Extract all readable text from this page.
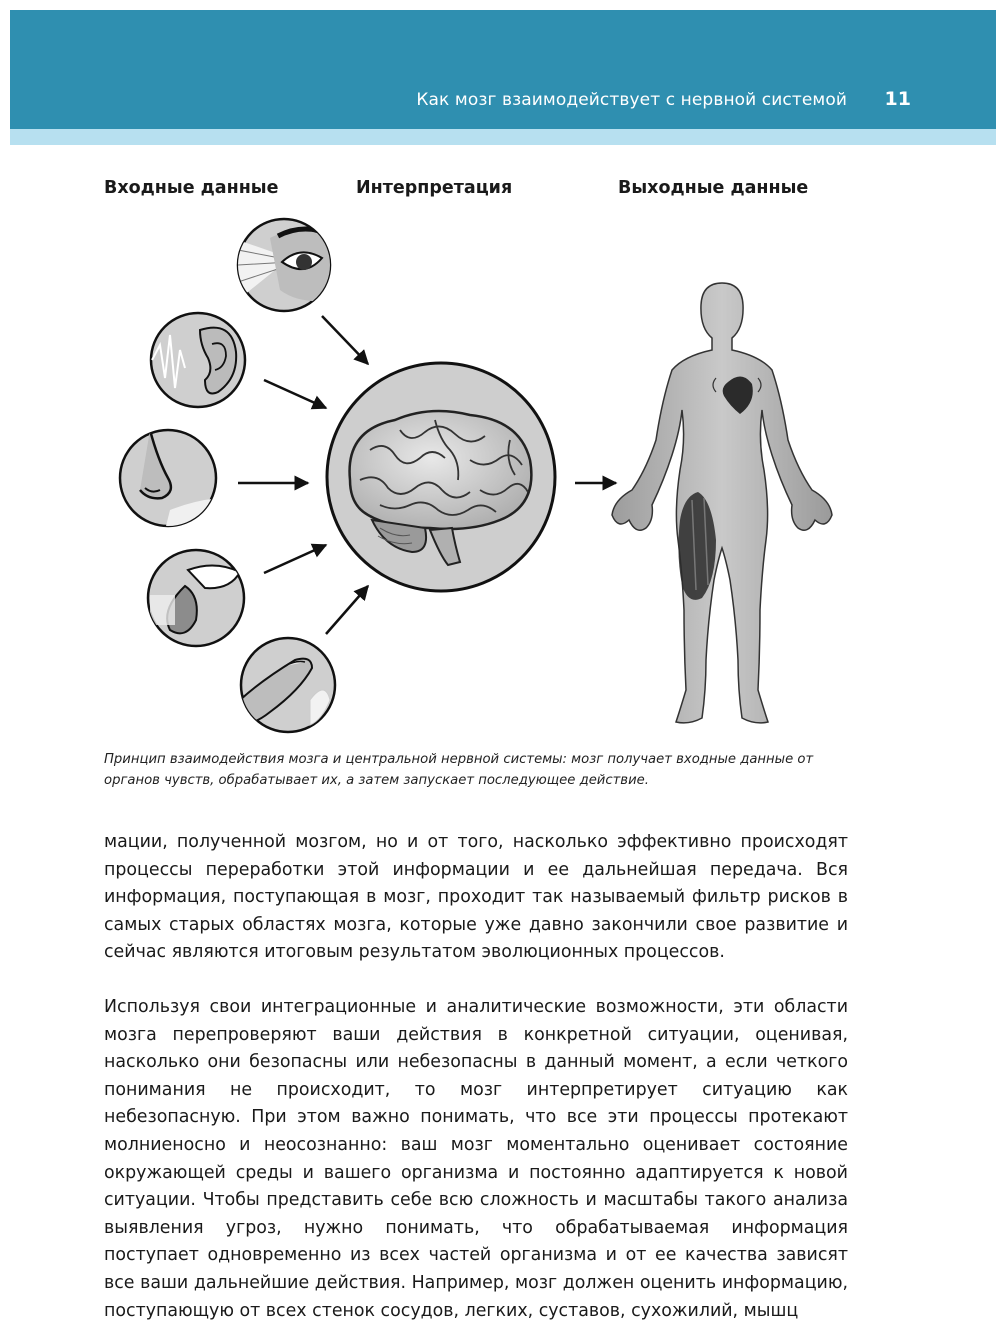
Как мозг взаимодействует с нервной системой 11
Входные данные	Интерпретация	Выходные данные
Принцип взаимодействия мозга и центральной нервной системы: мозг получает входные данные от органов чувств, обрабатывает их, а затем запускает последующее действие.

мации, полученной мозгом, но и от того, насколько эффективно происходят процессы переработки этой информации и ее дальнейшая передача. Вся информация, поступающая в мозг, проходит так называемый фильтр рисков в самых старых областях мозга, которые уже давно закончили свое развитие и сейчас являются итоговым результатом эволюционных процессов.

Используя свои интеграционные и аналитические возможности, эти области мозга перепроверяют ваши действия в конкретной ситуации, оценивая, насколько они безопасны или небезопасны в данный момент, а если четкого понимания не происходит, то мозг интерпретирует ситуацию как небезопасную. При этом важно понимать, что все эти процессы протекают молниеносно и неосознанно: ваш мозг моментально оценивает состояние окружающей среды и вашего организма и постоянно адаптируется к новой ситуации. Чтобы представить себе всю сложность и масштабы такого анализа выявления угроз, нужно понимать, что обрабатываемая информация поступает одновременно из всех частей организма и от ее качества зависят все ваши дальнейшие действия. Например, мозг должен оценить информацию, поступающую от всех стенок сосудов, легких, суставов, сухожилий, мышц
